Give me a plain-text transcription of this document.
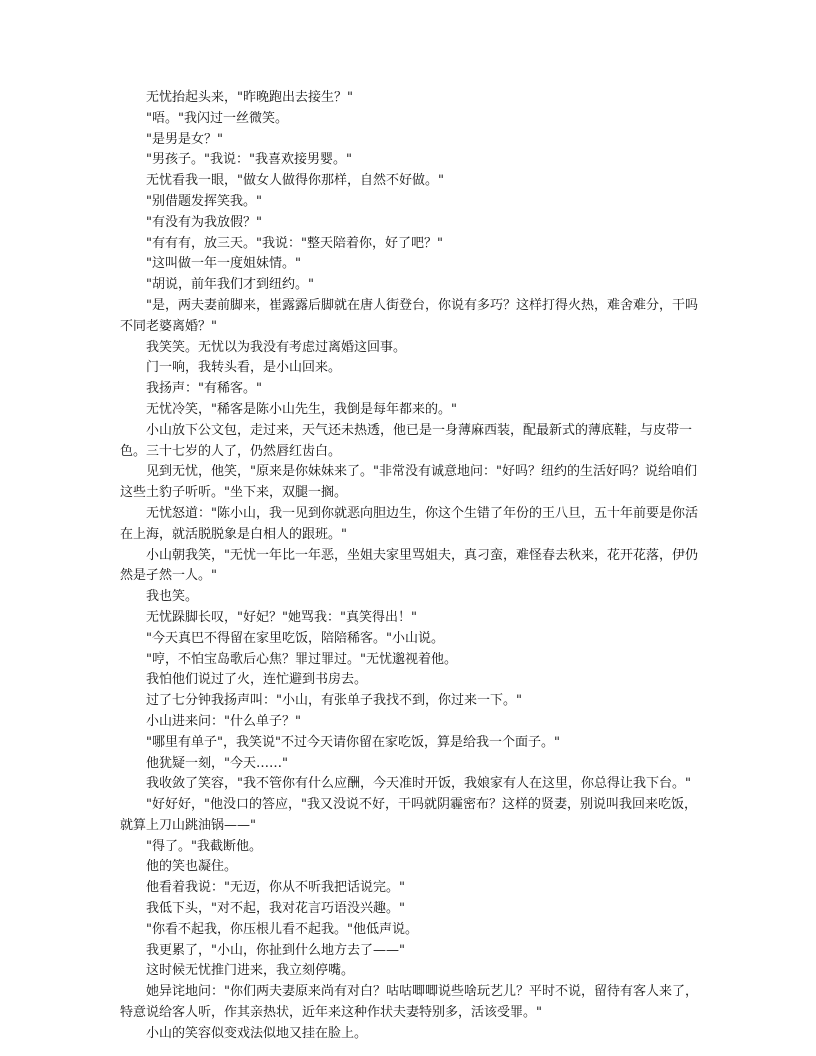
无忧抬起头来，"昨晚跑出去接生？"

"唔。"我闪过一丝微笑。

"是男是女？"

"男孩子。"我说："我喜欢接男婴。"

无忧看我一眼，"做女人做得你那样，自然不好做。"

"别借题发挥笑我。"

"有没有为我放假？"

"有有有，放三天。"我说："整天陪着你，好了吧？"

"这叫做一年一度姐妹情。"

"胡说，前年我们才到纽约。"

"是，两夫妻前脚来，崔露露后脚就在唐人街登台，你说有多巧？这样打得火热，难舍难分，干吗不同老婆离婚？"

我笑笑。无忧以为我没有考虑过离婚这回事。

门一响，我转头看，是小山回来。

我扬声："有稀客。"

无忧冷笑，"稀客是陈小山先生，我倒是每年都来的。"

小山放下公文包，走过来，天气还未热透，他已是一身薄麻西装，配最新式的薄底鞋，与皮带一色。三十七岁的人了，仍然唇红齿白。

见到无忧，他笑，"原来是你妹妹来了。"非常没有诚意地问："好吗？纽约的生活好吗？说给咱们这些土豹子听听。"坐下来，双腿一搁。

无忧怒道："陈小山，我一见到你就恶向胆边生，你这个生错了年份的王八旦，五十年前要是你活在上海，就活脱脱象是白相人的跟班。"

小山朝我笑，"无忧一年比一年恶，坐姐夫家里骂姐夫，真刁蛮，难怪春去秋来，花开花落，伊仍然是孑然一人。"

我也笑。

无忧跺脚长叹，"好妃？"她骂我："真笑得出！"

"今天真巴不得留在家里吃饭，陪陪稀客。"小山说。

"哼，不怕宝岛歌后心焦？罪过罪过。"无忧邈视着他。

我怕他们说过了火，连忙避到书房去。

过了七分钟我扬声叫："小山，有张单子我找不到，你过来一下。"

小山进来问："什么单子？"

"哪里有单子"，我笑说"不过今天请你留在家吃饭，算是给我一个面子。"

他犹疑一刻，"今天……"

我收敛了笑容，"我不管你有什么应酬，今天准时开饭，我娘家有人在这里，你总得让我下台。"

"好好好，"他没口的答应，"我又没说不好，干吗就阴霾密布？这样的贤妻，别说叫我回来吃饭，就算上刀山跳油锅——"

"得了。"我截断他。

他的笑也凝住。

他看着我说："无迈，你从不听我把话说完。"

我低下头，"对不起，我对花言巧语没兴趣。"

"你看不起我，你压根儿看不起我。"他低声说。

我更累了，"小山，你扯到什么地方去了——"

这时候无忧推门进来，我立刻停嘴。

她异诧地问："你们两夫妻原来尚有对白？咕咕唧唧说些啥玩艺儿？平时不说，留待有客人来了，特意说给客人听，作其亲热状，近年来这种作状夫妻特别多，活该受罪。"

小山的笑容似变戏法似地又挂在脸上。
